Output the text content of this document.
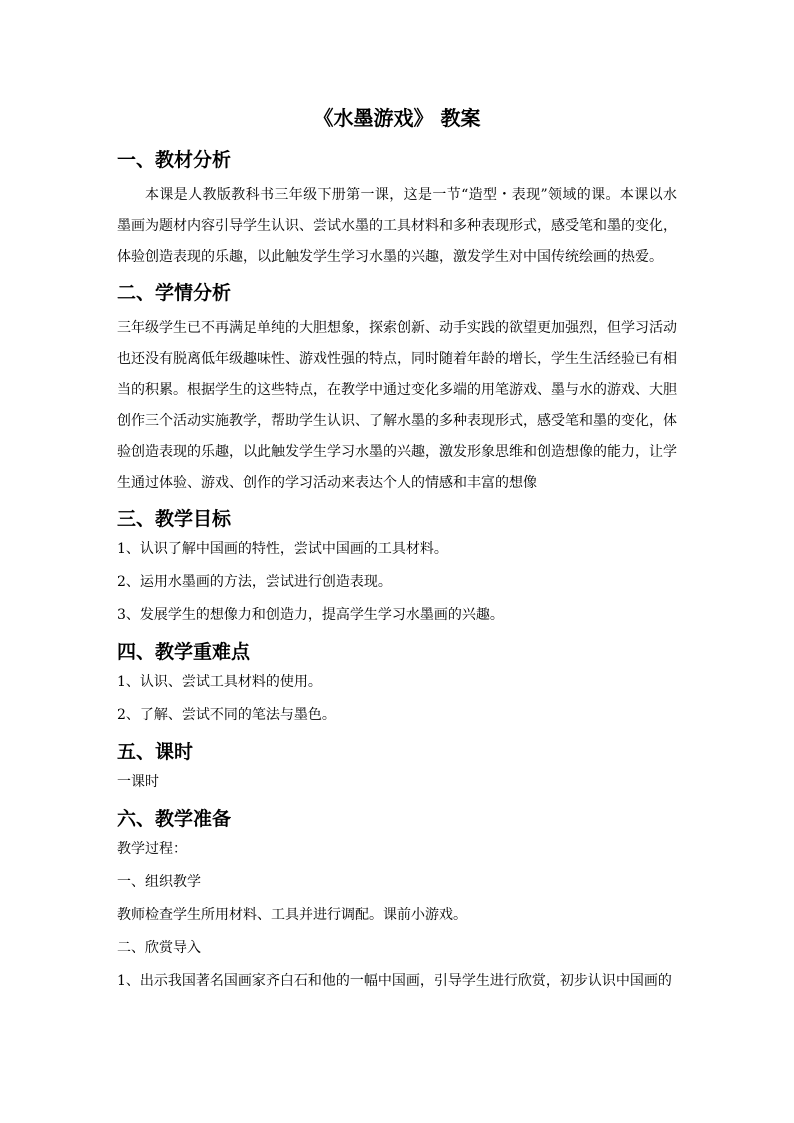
《水墨游戏》 教案
一、教材分析

本课是人教版教科书三年级下册第一课，这是一节“造型・表现”领域的课。本课以水墨画为题材内容引导学生认识、尝试水墨的工具材料和多种表现形式，感受笔和墨的变化，体验创造表现的乐趣，以此触发学生学习水墨的兴趣，激发学生对中国传统绘画的热爱。

二、学情分析

三年级学生已不再满足单纯的大胆想象，探索创新、动手实践的欲望更加强烈，但学习活动也还没有脱离低年级趣味性、游戏性强的特点，同时随着年龄的增长，学生生活经验已有相当的积累。根据学生的这些特点，在教学中通过变化多端的用笔游戏、墨与水的游戏、大胆创作三个活动实施教学，帮助学生认识、了解水墨的多种表现形式，感受笔和墨的变化，体验创造表现的乐趣，以此触发学生学习水墨的兴趣，激发形象思维和创造想像的能力，让学生通过体验、游戏、创作的学习活动来表达个人的情感和丰富的想像

三、教学目标

1、认识了解中国画的特性，尝试中国画的工具材料。

2、运用水墨画的方法，尝试进行创造表现。

3、发展学生的想像力和创造力，提高学生学习水墨画的兴趣。

四、教学重难点

1、认识、尝试工具材料的使用。

2、了解、尝试不同的笔法与墨色。

五、课时

一课时

六、教学准备

教学过程：

一、组织教学

教师检查学生所用材料、工具并进行调配。课前小游戏。

二、欣赏导入

1、出示我国著名国画家齐白石和他的一幅中国画，引导学生进行欣赏，初步认识中国画的
